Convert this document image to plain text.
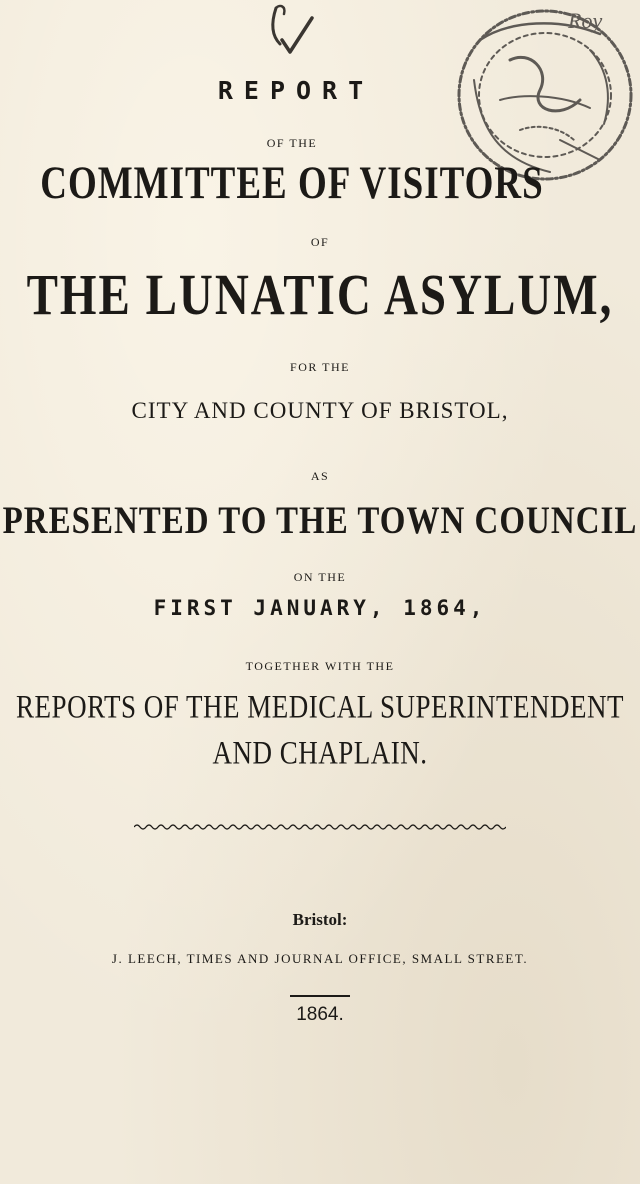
Roy
REPORT
OF THE
COMMITTEE OF VISITORS
OF
THE LUNATIC ASYLUM,
FOR THE
CITY AND COUNTY OF BRISTOL,
AS
PRESENTED TO THE TOWN COUNCIL
ON THE
FIRST JANUARY, 1864,
TOGETHER WITH THE
REPORTS OF THE MEDICAL SUPERINTENDENT
AND CHAPLAIN.
Bristol:
J. LEECH, TIMES AND JOURNAL OFFICE, SMALL STREET.
1864.
